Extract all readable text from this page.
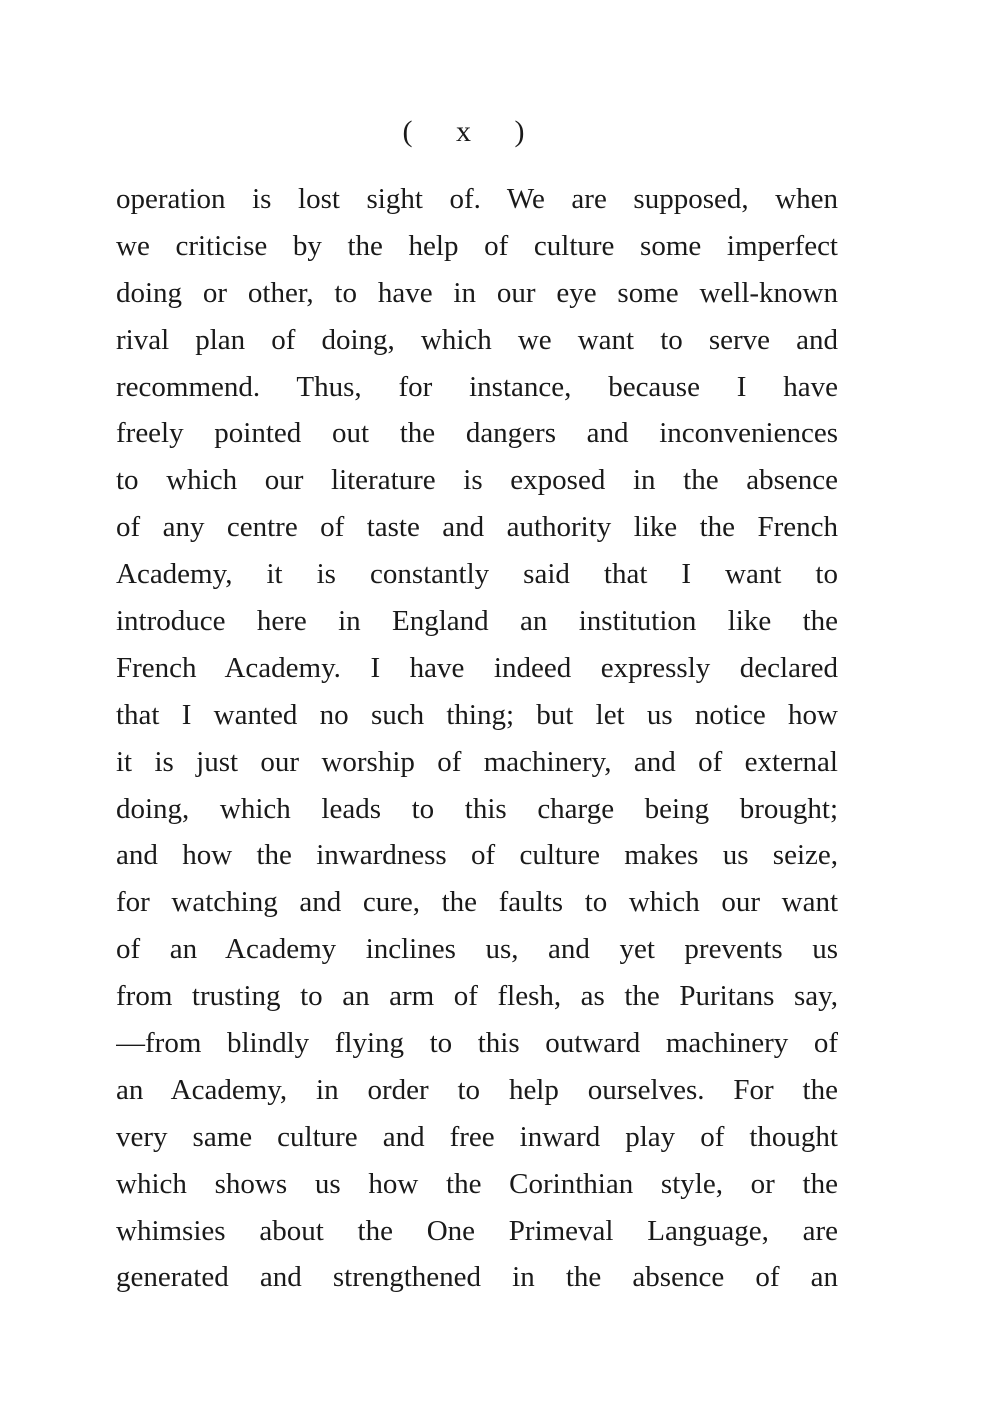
( x )
operation is lost sight of. We are supposed, when
we criticise by the help of culture some imperfect
doing or other, to have in our eye some well-known
rival plan of doing, which we want to serve and
recommend. Thus, for instance, because I have
freely pointed out the dangers and inconveniences
to which our literature is exposed in the absence
of any centre of taste and authority like the French
Academy, it is constantly said that I want to
introduce here in England an institution like the
French Academy. I have indeed expressly declared
that I wanted no such thing; but let us notice how
it is just our worship of machinery, and of external
doing, which leads to this charge being brought;
and how the inwardness of culture makes us seize,
for watching and cure, the faults to which our want
of an Academy inclines us, and yet prevents us
from trusting to an arm of flesh, as the Puritans say,
—from blindly flying to this outward machinery of
an Academy, in order to help ourselves. For the
very same culture and free inward play of thought
which shows us how the Corinthian style, or the
whimsies about the One Primeval Language, are
generated and strengthened in the absence of an
